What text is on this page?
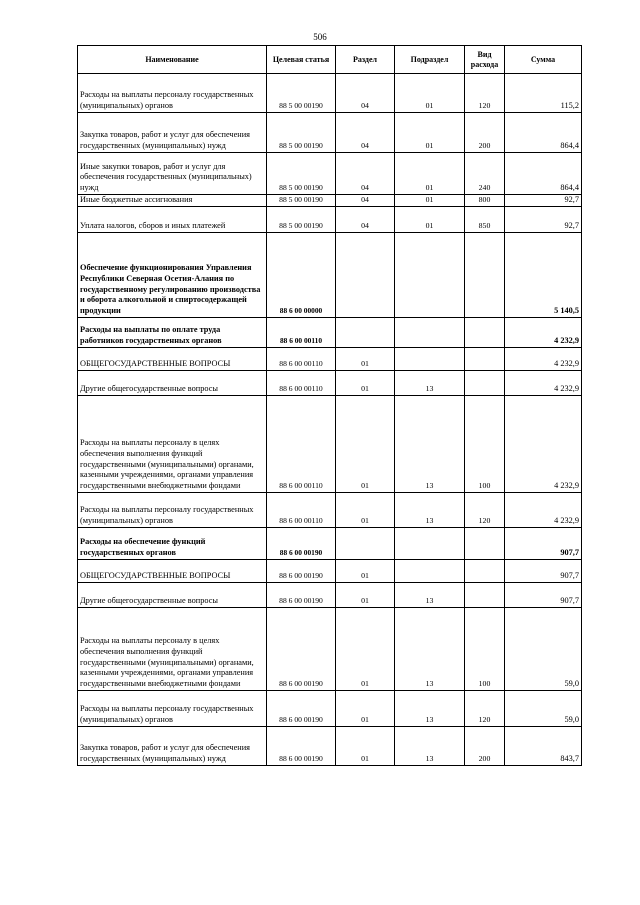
506
Наименование	Целевая статья	Раздел	Подраздел	Вид расхода	Сумма
Расходы на выплаты персоналу государственных (муниципальных) органов	88 5 00 00190	04	01	120	115,2
Закупка товаров, работ и услуг для обеспечения государственных (муниципальных) нужд	88 5 00 00190	04	01	200	864,4
Иные закупки товаров, работ и услуг для обеспечения государственных (муниципальных) нужд	88 5 00 00190	04	01	240	864,4
Иные бюджетные ассигнования	88 5 00 00190	04	01	800	92,7
Уплата налогов, сборов и иных платежей	88 5 00 00190	04	01	850	92,7
Обеспечение функционирования Управления Республики Северная Осетия-Алания по государственному регулированию производства и оборота алкогольной и спиртосодержащей продукции	88 6 00 00000				5 140,5
Расходы на выплаты по оплате труда работников государственных органов	88 6 00 00110				4 232,9
ОБЩЕГОСУДАРСТВЕННЫЕ ВОПРОСЫ	88 6 00 00110	01			4 232,9
Другие общегосударственные вопросы	88 6 00 00110	01	13		4 232,9
Расходы на выплаты персоналу в целях обеспечения выполнения функций государственными (муниципальными) органами, казенными учреждениями, органами управления государственными внебюджетными фондами	88 6 00 00110	01	13	100	4 232,9
Расходы на выплаты персоналу государственных (муниципальных) органов	88 6 00 00110	01	13	120	4 232,9
Расходы на обеспечение функций государственных органов	88 6 00 00190				907,7
ОБЩЕГОСУДАРСТВЕННЫЕ ВОПРОСЫ	88 6 00 00190	01			907,7
Другие общегосударственные вопросы	88 6 00 00190	01	13		907,7
Расходы на выплаты персоналу в целях обеспечения выполнения функций государственными (муниципальными) органами, казенными учреждениями, органами управления государственными внебюджетными фондами	88 6 00 00190	01	13	100	59,0
Расходы на выплаты персоналу государственных (муниципальных) органов	88 6 00 00190	01	13	120	59,0
Закупка товаров, работ и услуг для обеспечения государственных (муниципальных) нужд	88 6 00 00190	01	13	200	843,7
